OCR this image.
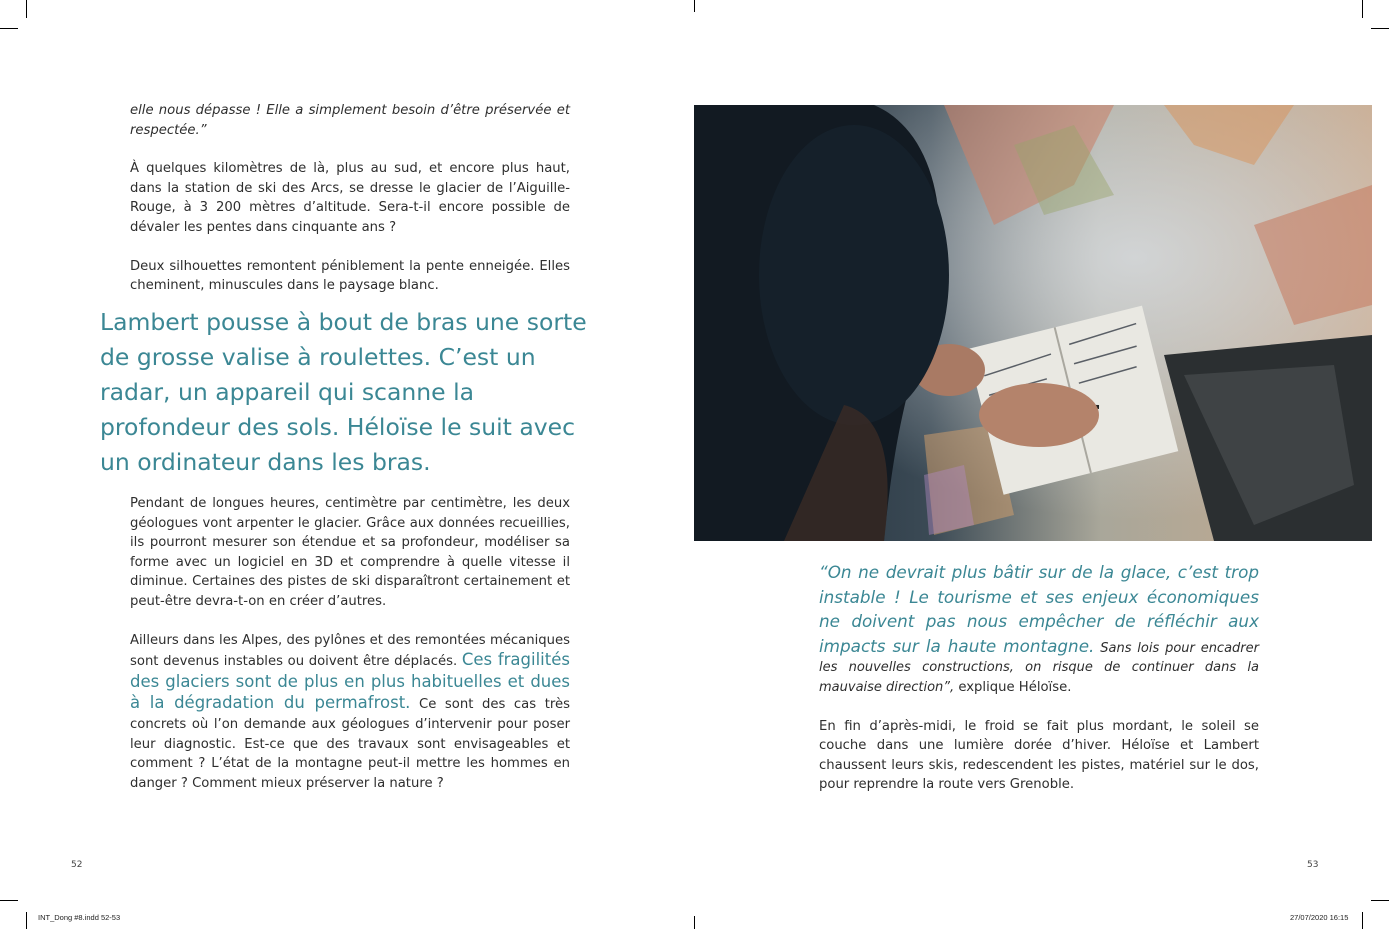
elle nous dépasse ! Elle a simplement besoin d’être préservée et respectée.”

À quelques kilomètres de là, plus au sud, et encore plus haut, dans la station de ski des Arcs, se dresse le glacier de l’Aiguille-Rouge, à 3 200 mètres d’altitude. Sera-t-il encore possible de dévaler les pentes dans cinquante ans ?

Deux silhouettes remontent péniblement la pente enneigée. Elles cheminent, minuscules dans le paysage blanc.

Lambert pousse à bout de bras une sorte de grosse valise à roulettes. C’est un radar, un appareil qui scanne la profondeur des sols. Héloïse le suit avec un ordinateur dans les bras.

Pendant de longues heures, centimètre par centimètre, les deux géologues vont arpenter le glacier. Grâce aux données recueillies, ils pourront mesurer son étendue et sa profondeur, modéliser sa forme avec un logiciel en 3D et comprendre à quelle vitesse il diminue. Certaines des pistes de ski disparaîtront certainement et peut-être devra-t-on en créer d’autres.

Ailleurs dans les Alpes, des pylônes et des remontées mécaniques sont devenus instables ou doivent être déplacés. Ces fragilités des glaciers sont de plus en plus habituelles et dues à la dégradation du permafrost. Ce sont des cas très concrets où l’on demande aux géologues d’intervenir pour poser leur diagnostic. Est-ce que des travaux sont envisageables et comment ? L’état de la montagne peut-il mettre les hommes en danger ? Comment mieux préserver la nature ?

52

“On ne devrait plus bâtir sur de la glace, c’est trop instable ! Le tourisme et ses enjeux économiques ne doivent pas nous empêcher de réfléchir aux impacts sur la haute montagne. Sans lois pour encadrer les nouvelles constructions, on risque de continuer dans la mauvaise direction”, explique Héloïse.

En fin d’après-midi, le froid se fait plus mordant, le soleil se couche dans une lumière dorée d’hiver. Héloïse et Lambert chaussent leurs skis, redescendent les pistes, matériel sur le dos, pour reprendre la route vers Grenoble.

53
INT_Dong #8.indd 52-53	27/07/2020 16:15
